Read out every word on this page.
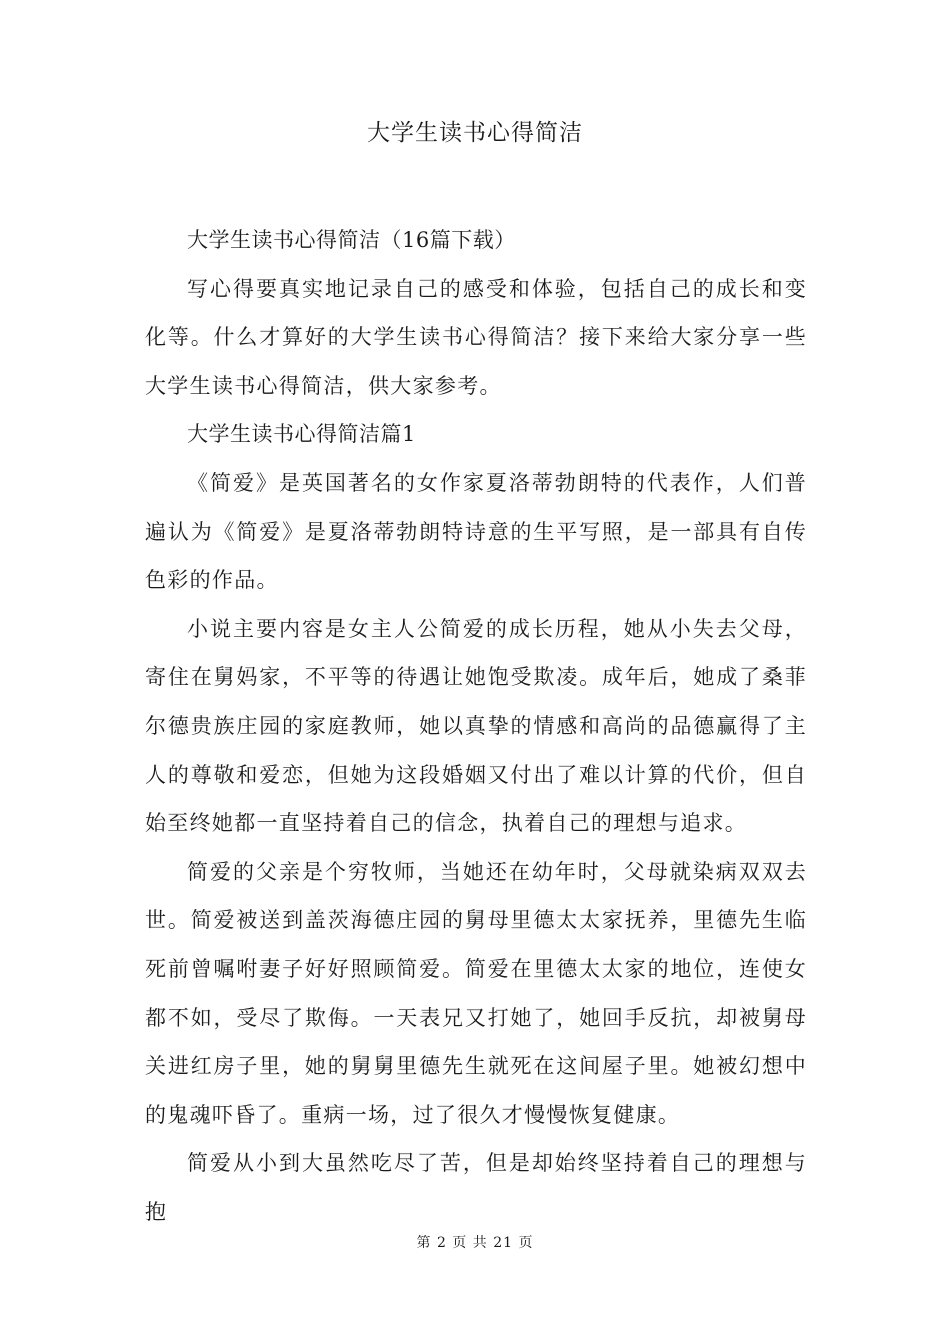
大学生读书心得简洁

大学生读书心得简洁（16篇下载）

写心得要真实地记录自己的感受和体验，包括自己的成长和变化等。什么才算好的大学生读书心得简洁？接下来给大家分享一些大学生读书心得简洁，供大家参考。

大学生读书心得简洁篇1

《简爱》是英国著名的女作家夏洛蒂勃朗特的代表作，人们普遍认为《简爱》是夏洛蒂勃朗特诗意的生平写照，是一部具有自传色彩的作品。

小说主要内容是女主人公简爱的成长历程，她从小失去父母，寄住在舅妈家，不平等的待遇让她饱受欺凌。成年后，她成了桑菲尔德贵族庄园的家庭教师，她以真挚的情感和高尚的品德赢得了主人的尊敬和爱恋，但她为这段婚姻又付出了难以计算的代价，但自始至终她都一直坚持着自己的信念，执着自己的理想与追求。

简爱的父亲是个穷牧师，当她还在幼年时，父母就染病双双去世。简爱被送到盖茨海德庄园的舅母里德太太家抚养，里德先生临死前曾嘱咐妻子好好照顾简爱。简爱在里德太太家的地位，连使女都不如，受尽了欺侮。一天表兄又打她了，她回手反抗，却被舅母关进红房子里，她的舅舅里德先生就死在这间屋子里。她被幻想中的鬼魂吓昏了。重病一场，过了很久才慢慢恢复健康。

简爱从小到大虽然吃尽了苦，但是却始终坚持着自己的理想与抱

第 2 页 共 21 页
